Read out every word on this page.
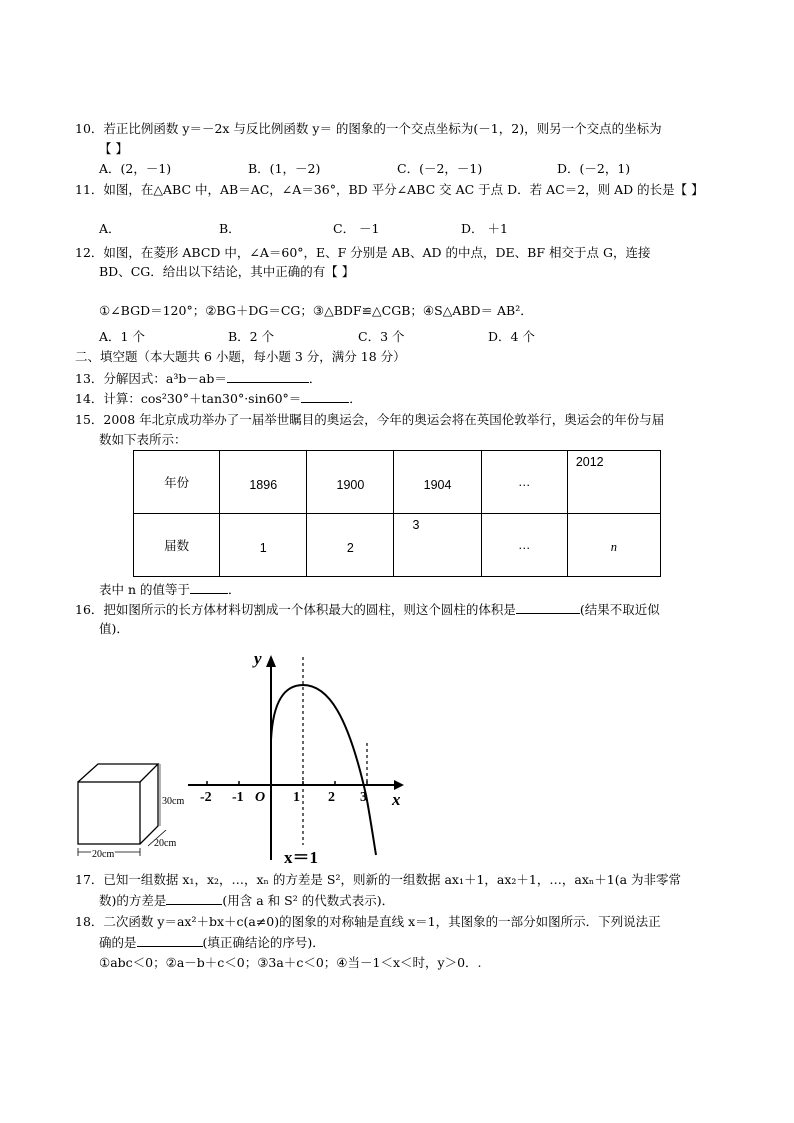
10．若正比例函数 y＝－2x 与反比例函数 y＝ 的图象的一个交点坐标为(－1，2)，则另一个交点的坐标为
【 】
A．(2，－1)	B．(1，－2)	C．(－2，－1)	D．(－2，1)
11．如图，在△ABC 中，AB＝AC，∠A＝36°，BD 平分∠ABC 交 AC 于点 D．若 AC＝2，则 AD 的长是【 】
A．	B．	C． －1	D． ＋1
12．如图，在菱形 ABCD 中，∠A＝60°，E、F 分别是 AB、AD 的中点，DE、BF 相交于点 G，连接
BD、CG．给出以下结论，其中正确的有【 】
①∠BGD＝120°；②BG＋DG＝CG；③△BDF≌△CGB；④S△ABD＝ AB²．
A．1 个	B．2 个	C．3 个	D．4 个
二、填空题（本大题共 6 小题，每小题 3 分，满分 18 分）
13．分解因式：a³b－ab＝	．
14．计算：cos²30°＋tan30°·sin60°＝	．
15．2008 年北京成功举办了一届举世瞩目的奥运会，今年的奥运会将在英国伦敦举行，奥运会的年份与届
数如下表所示：
年份	1896	1900	1904	…	2012
届数	1	2	3	…	n
表中 n 的值等于	．
16．把如图所示的长方体材料切割成一个体积最大的圆柱，则这个圆柱的体积是	(结果不取近似
值)．
30cm
20cm
20cm
y
x
O
-2 -1	1 2 3
x＝1
17．已知一组数据 x₁，x₂，…，xₙ 的方差是 S²，则新的一组数据 ax₁＋1，ax₂＋1，…，axₙ＋1(a 为非零常
数)的方差是	(用含 a 和 S² 的代数式表示)．
18．二次函数 y＝ax²＋bx＋c(a≠0)的图象的对称轴是直线 x＝1，其图象的一部分如图所示．下列说法正
确的是	(填正确结论的序号)．
①abc＜0；②a－b＋c＜0；③3a＋c＜0；④当－1＜x＜时，y＞0．.
